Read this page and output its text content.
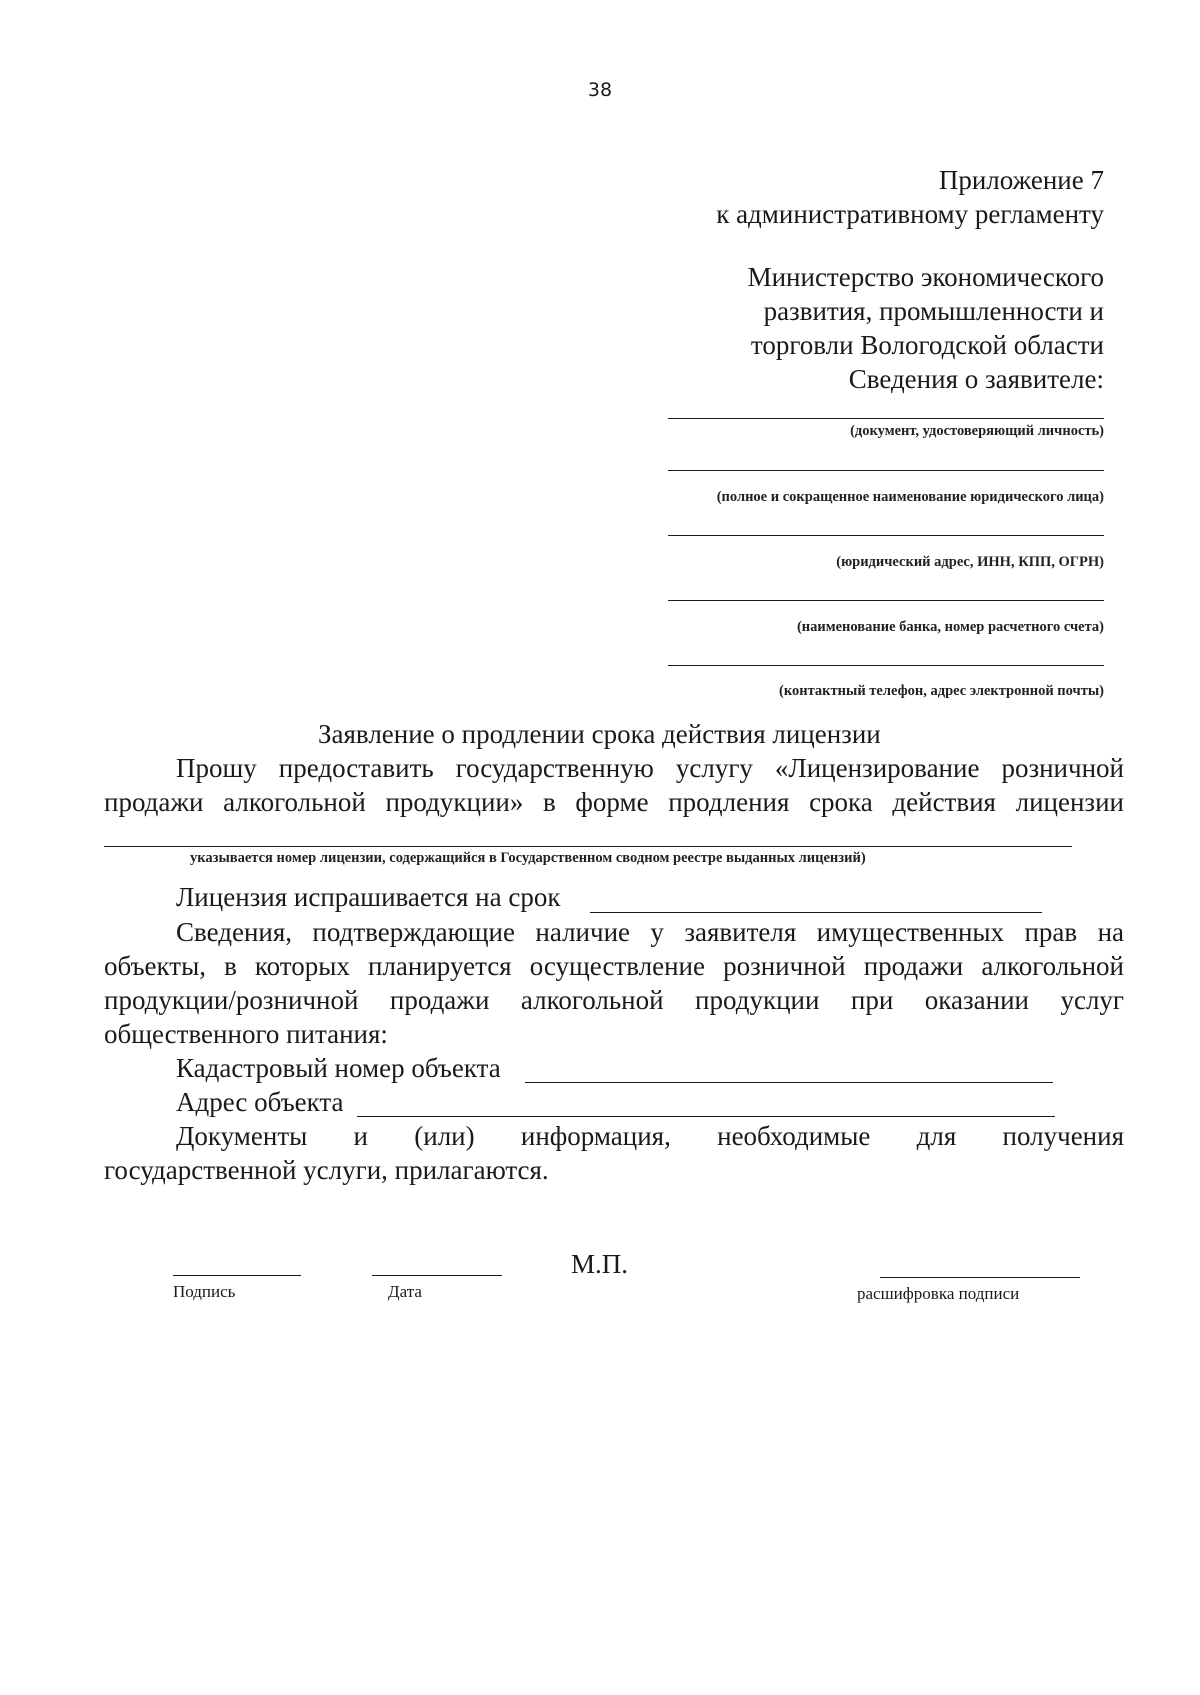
38
Приложение 7
к административному регламенту
Министерство экономического
развития, промышленности и
торговли Вологодской области
Сведения о заявителе:
(документ, удостоверяющий личность)
(полное и сокращенное наименование юридического лица)
(юридический адрес, ИНН, КПП, ОГРН)
(наименование банка, номер расчетного счета)
(контактный телефон, адрес электронной почты)
Заявление о продлении срока действия лицензии
Прошу предоставить государственную услугу «Лицензирование розничной
продажи алкогольной продукции» в форме продления срока действия лицензии
указывается номер лицензии, содержащийся в Государственном сводном реестре выданных лицензий)
Лицензия испрашивается на срок
Сведения, подтверждающие наличие у заявителя имущественных прав на
объекты, в которых планируется осуществление розничной продажи алкогольной
продукции/розничной продажи алкогольной продукции при оказании услуг
общественного питания:
Кадастровый номер объекта
Адрес объекта
Документы и (или) информация, необходимые для получения
государственной услуги, прилагаются.
М.П.
Подпись	Дата	расшифровка подписи
